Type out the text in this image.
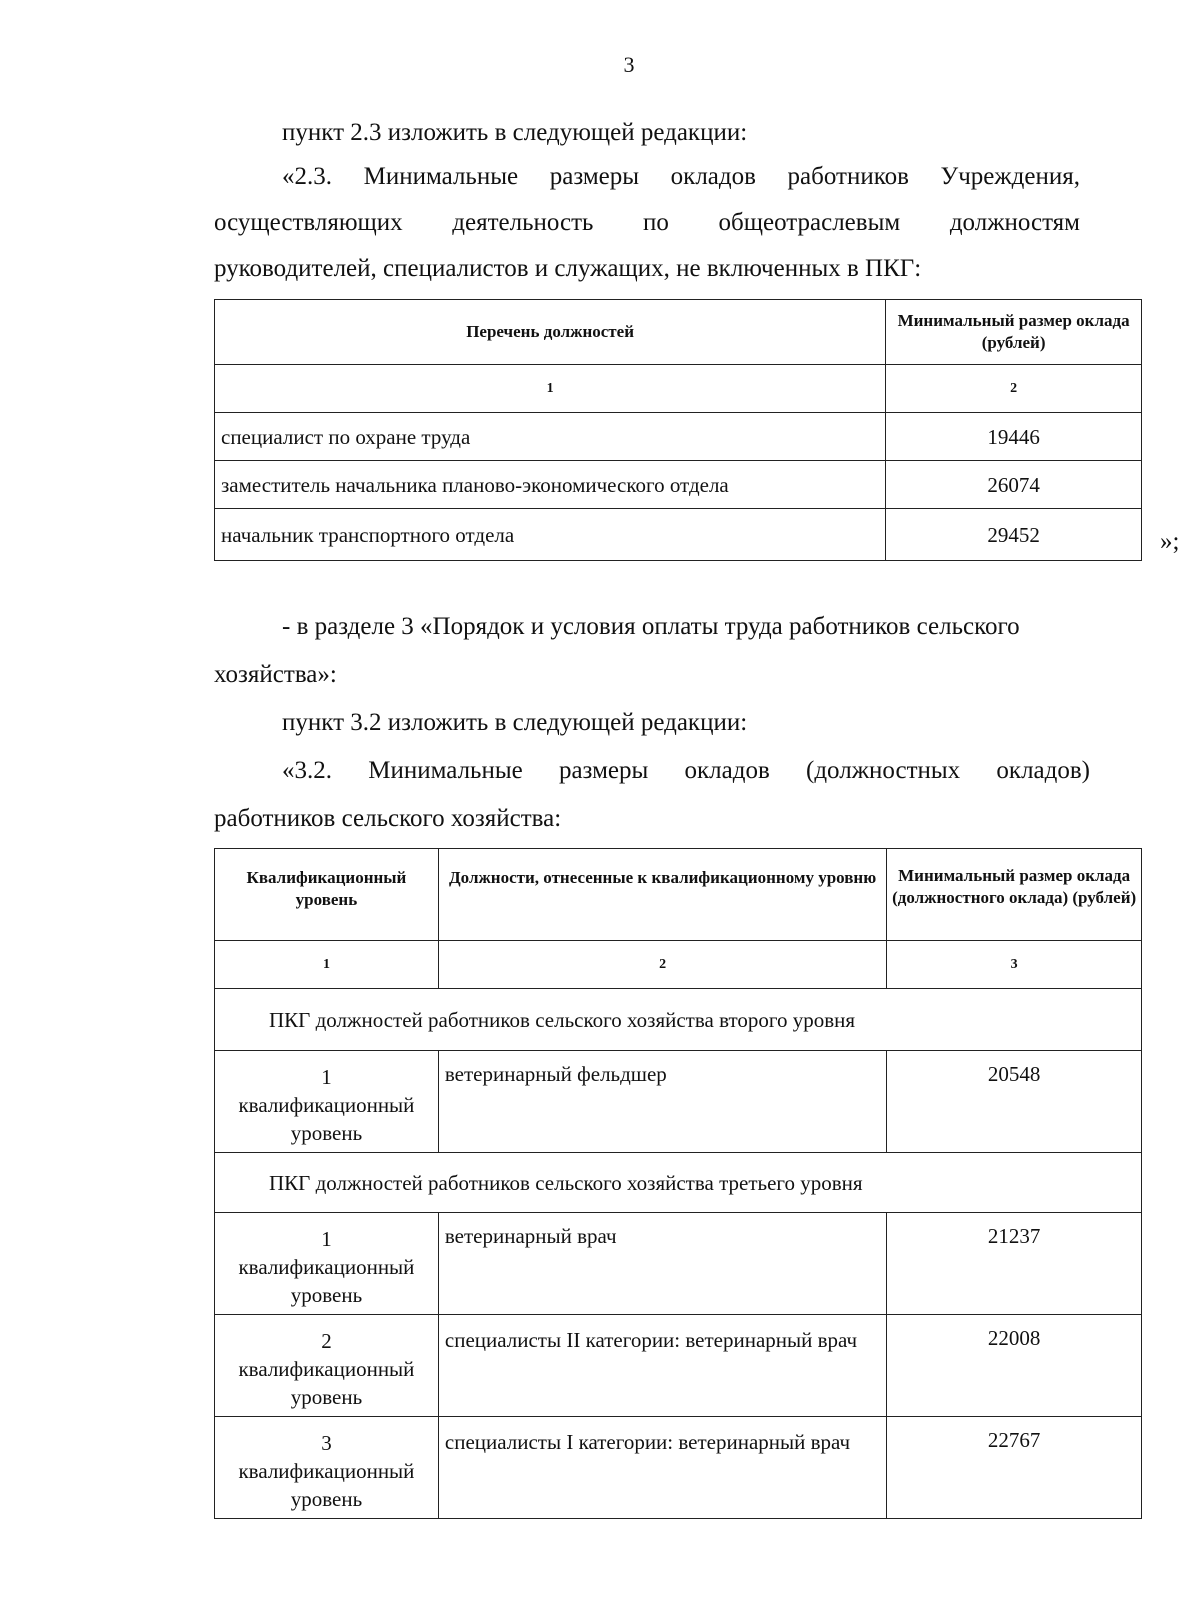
3
пункт 2.3 изложить в следующей редакции:
«2.3. Минимальные размеры окладов работников Учреждения,
осуществляющих деятельность по общеотраслевым должностям
руководителей, специалистов и служащих, не включенных в ПКГ:
Перечень должностей	Минимальный размер оклада (рублей)
1	2
специалист по охране труда	19446
заместитель начальника планово-экономического отдела	26074
начальник транспортного отдела	29452	»;
- в разделе 3 «Порядок и условия оплаты труда работников сельского
хозяйства»:
пункт 3.2 изложить в следующей редакции:
«3.2. Минимальные размеры окладов (должностных окладов)
работников сельского хозяйства:
Квалификационный уровень	Должности, отнесенные к квалификационному уровню	Минимальный размер оклада (должностного оклада) (рублей)
1	2	3
ПКГ должностей работников сельского хозяйства второго уровня		

1
квалификационный
уровень	ветеринарный фельдшер	20548
ПКГ должностей работников сельского хозяйства третьего уровня		

1
квалификационный
уровень	ветеринарный врач	21237

2
квалификационный
уровень	специалисты II категории: ветеринарный врач	22008

3
квалификационный
уровень	специалисты I категории: ветеринарный врач	22767
